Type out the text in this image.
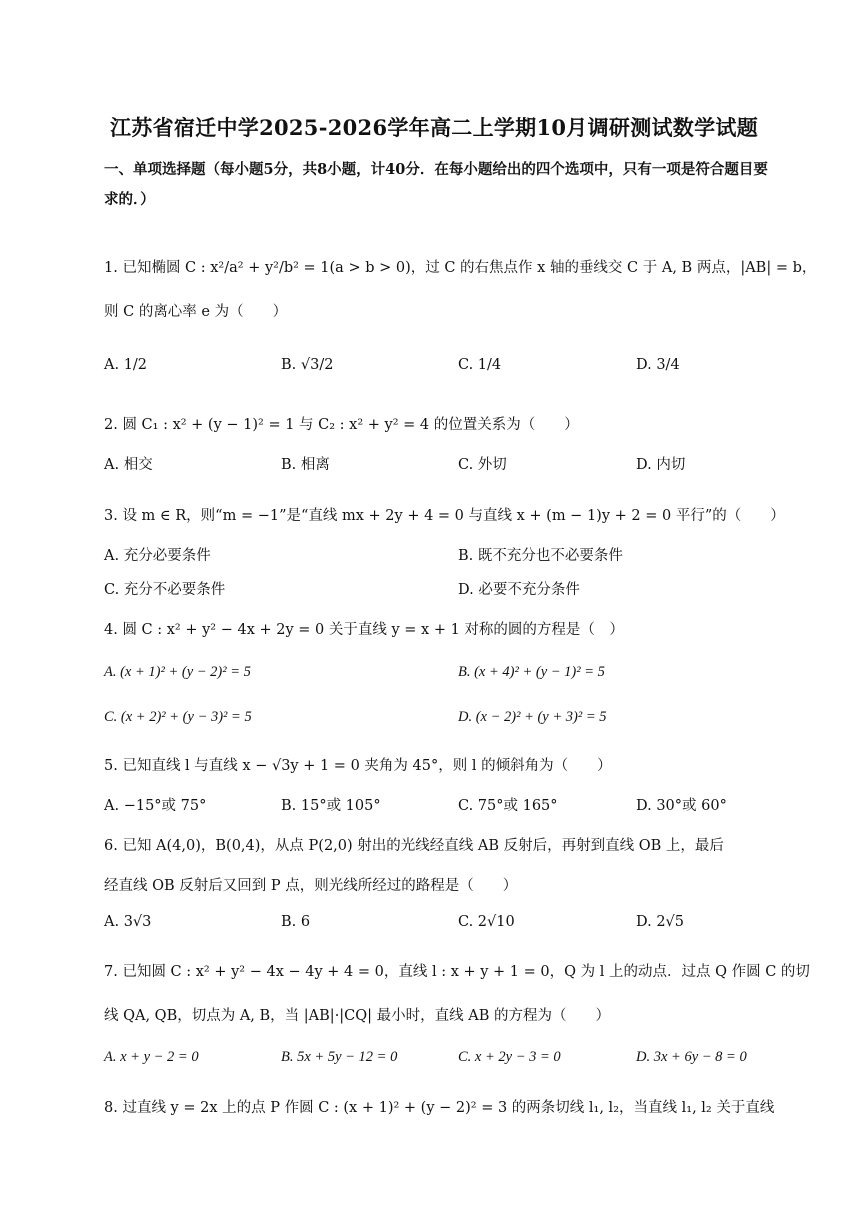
江苏省宿迁中学2025-2026学年高二上学期10月调研测试数学试题
一、单项选择题（每小题5分，共8小题，计40分．在每小题给出的四个选项中，只有一项是符合题目要求的．）
1. 已知椭圆 C : x²/a² + y²/b² = 1(a > b > 0)，过 C 的右焦点作 x 轴的垂线交 C 于 A, B 两点，|AB| = b，
则 C 的离心率 e 为（　　）
A. 1/2	B. √3/2	C. 1/4	D. 3/4
2. 圆 C₁ : x² + (y − 1)² = 1 与 C₂ : x² + y² = 4 的位置关系为（　　）
A. 相交	B. 相离	C. 外切	D. 内切
3. 设 m ∈ R，则“m = −1”是“直线 mx + 2y + 4 = 0 与直线 x + (m − 1)y + 2 = 0 平行”的（　　）
A. 充分必要条件	B. 既不充分也不必要条件
C. 充分不必要条件	D. 必要不充分条件
4. 圆 C : x² + y² − 4x + 2y = 0 关于直线 y = x + 1 对称的圆的方程是（　）
A. (x + 1)² + (y − 2)² = 5	B. (x + 4)² + (y − 1)² = 5
C. (x + 2)² + (y − 3)² = 5	D. (x − 2)² + (y + 3)² = 5
5. 已知直线 l 与直线 x − √3y + 1 = 0 夹角为 45°，则 l 的倾斜角为（　　）
A. −15°或 75°	B. 15°或 105°	C. 75°或 165°	D. 30°或 60°
6. 已知 A(4,0)，B(0,4)，从点 P(2,0) 射出的光线经直线 AB 反射后，再射到直线 OB 上，最后
经直线 OB 反射后又回到 P 点，则光线所经过的路程是（　　）
A. 3√3	B. 6	C. 2√10	D. 2√5
7. 已知圆 C : x² + y² − 4x − 4y + 4 = 0，直线 l : x + y + 1 = 0，Q 为 l 上的动点．过点 Q 作圆 C 的切
线 QA, QB，切点为 A, B，当 |AB|·|CQ| 最小时，直线 AB 的方程为（　　）
A. x + y − 2 = 0	B. 5x + 5y − 12 = 0	C. x + 2y − 3 = 0	D. 3x + 6y − 8 = 0
8. 过直线 y = 2x 上的点 P 作圆 C : (x + 1)² + (y − 2)² = 3 的两条切线 l₁, l₂，当直线 l₁, l₂ 关于直线
